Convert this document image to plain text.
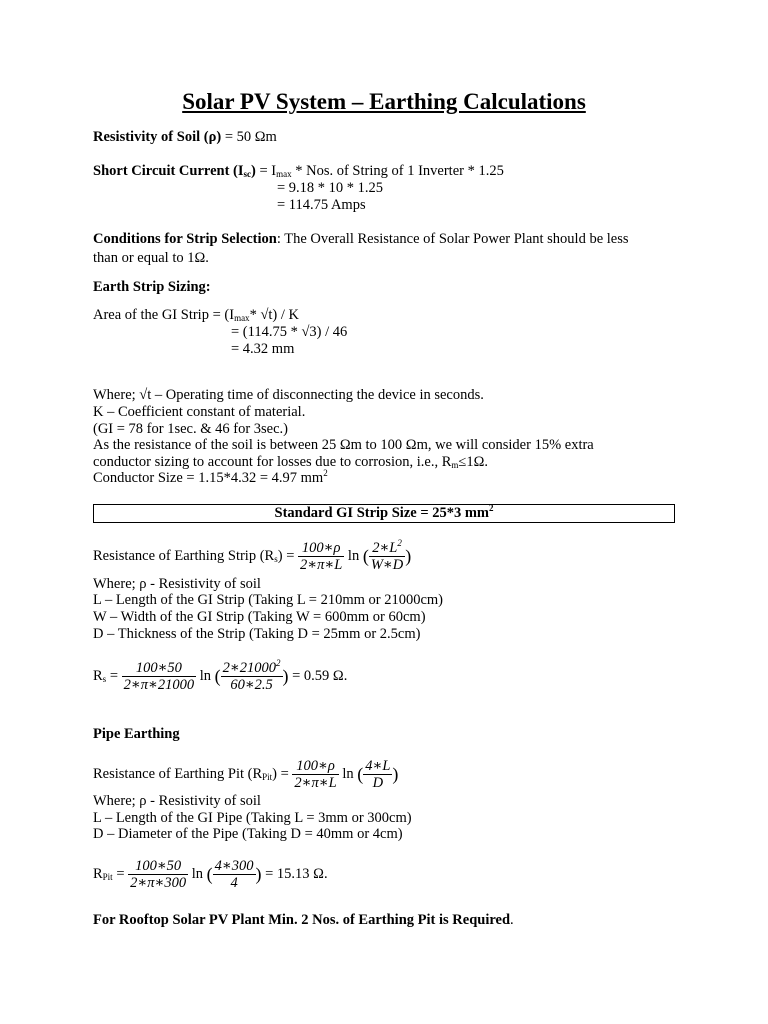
Solar PV System – Earthing Calculations
Resistivity of Soil (ρ) = 50 Ωm
Short Circuit Current $(I_{sc}) = I_{max}$ * Nos. of String of 1 Inverter * 1.25
= 9.18 * 10 * 1.25
= 114.75 Amps
Conditions for Strip Selection: The Overall Resistance of Solar Power Plant should be less
than or equal to 1Ω.
Earth Strip Sizing:
Area of the GI Strip = ($I_{max}*$ √t) / K
= (114.75 * √3) / 46
= 4.32 mm
Where; √t – Operating time of disconnecting the device in seconds.
K – Coefficient constant of material.
(GI = 78 for 1sec. & 46 for 3sec.)
As the resistance of the soil is between 25 Ωm to 100 Ωm, we will consider 15% extra
conductor sizing to account for losses due to corrosion, i.e., $R_m\le 1\Omega$.
Conductor Size = 1.15*4.32 = 4.97 $mm^2$
Standard GI Strip Size = 25*3 $mm^2$
Resistance of Earthing Strip $(R_s) = \frac{100∗\rho}{2∗\pi∗L}$ ln ( $\frac{2∗L^2}{W∗D}$ )
Where; ρ - Resistivity of soil
L – Length of the GI Strip (Taking L = 210mm or 21000cm)
W – Width of the GI Strip (Taking W = 600mm or 60cm)
D – Thickness of the Strip (Taking D = 25mm or 2.5cm)
$R_s = \frac{100∗50}{2∗\pi∗21000}$ ln ( $\frac{2∗21000^2}{60∗2.5}$ ) = 0.59 Ω.
Pipe Earthing
Resistance of Earthing Pit $(R_{Pit}) = \frac{100∗\rho}{2∗\pi∗L}$ ln ( $\frac{4∗L}{D}$ )
Where; ρ - Resistivity of soil
L – Length of the GI Pipe (Taking L = 3mm or 300cm)
D – Diameter of the Pipe (Taking D = 40mm or 4cm)
$R_{Pit} = \frac{100∗50}{2∗\pi∗300}$ ln ( $\frac{4∗300}{4}$ ) = 15.13 Ω.
For Rooftop Solar PV Plant Min. 2 Nos. of Earthing Pit is Required.
